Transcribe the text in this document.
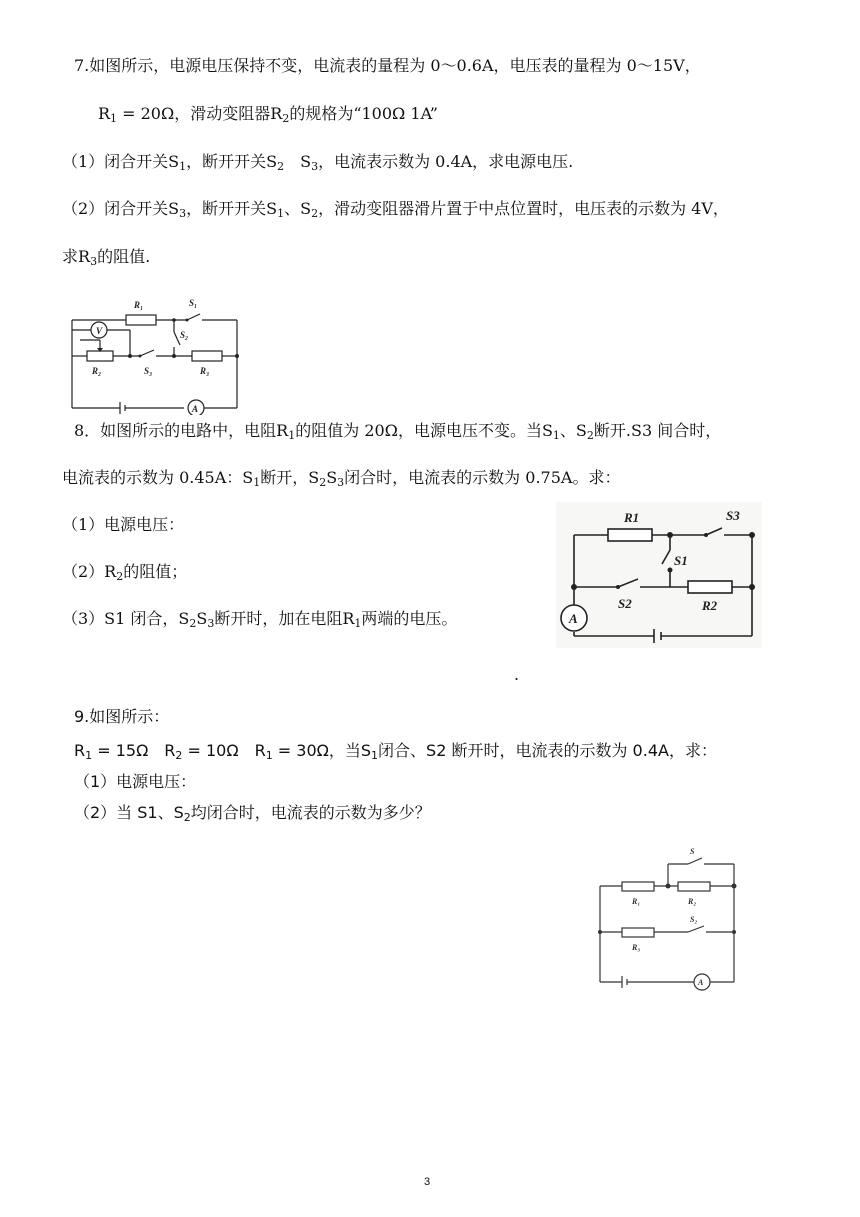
7.如图所示，电源电压保持不变，电流表的量程为 0～0.6A，电压表的量程为 0～15V，
$R_1 = 20\Omega$，滑动变阻器$R_2$的规格为“100Ω 1A”
（1）闭合开关$S_1$，断开开关$S_2$　$S_3$，电流表示数为 0.4A，求电源电压.
（2）闭合开关$S_3$，断开开关$S_1$、$S_2$，滑动变阻器滑片置于中点位置时，电压表的示数为 4V，
求$R_3$的阻值.
R₁	S₁
S₂
R₂	S₃	R₃
V
A
8．如图所示的电路中，电阻$R_1$的阻值为 20Ω，电源电压不变。当$S_1$、$S_2$断开.S3 间合时，
电流表的示数为 0.45A：$S_1$断开，$S_2S_3$闭合时，电流表的示数为 0.75A。求：
（1）电源电压：
$(2)R_2$的阻值；
（3）S1 闭合，$S_2S_3$断开时，加在电阻$R_1$两端的电压。
.
R1	S3
S1
S2	R2
A
9.如图所示：
$R_1 = 15\Omega$　$R_2 = 10\Omega$　$R_1 = 30\Omega$，当$S_1$闭合、S2 断开时，电流表的示数为 0.4A，求：
（1）电源电压：
（2）当 S1、$S_2$均闭合时，电流表的示数为多少？
S
R₁	R₂
S₂
R₃
A
3
